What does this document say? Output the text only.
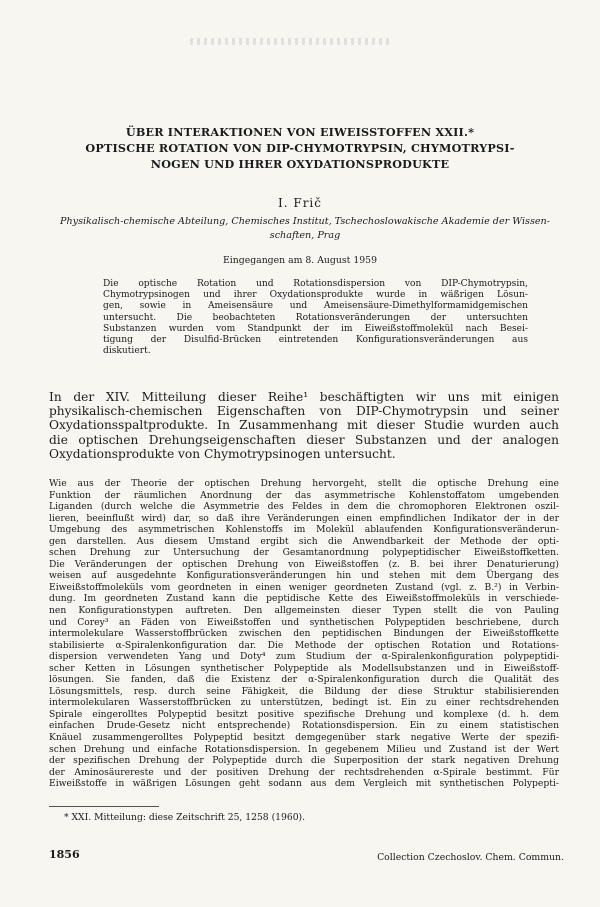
ÜBER INTERAKTIONEN VON EIWEISSTOFFEN XXII.*
OPTISCHE ROTATION VON DIP-CHYMOTRYPSIN, CHYMOTRYPSI-
NOGEN UND IHRER OXYDATIONSPRODUKTE
I. Frič
Physikalisch-chemische Abteilung, Chemisches Institut, Tschechoslowakische Akademie der Wissen-
schaften, Prag
Eingegangen am 8. August 1959
Die optische Rotation und Rotationsdispersion von DIP-Chymotrypsin,
Chymotrypsinogen und ihrer Oxydationsprodukte wurde in wäßrigen Lösun-
gen, sowie in Ameisensäure und Ameisensäure-Dimethylformamidgemischen
untersucht. Die beobachteten Rotationsveränderungen der untersuchten
Substanzen wurden vom Standpunkt der im Eiweißstoffmolekül nach Besei-
tigung der Disulfid-Brücken eintretenden Konfigurationsveränderungen aus
diskutiert.
In der XIV. Mitteilung dieser Reihe¹ beschäftigten wir uns mit einigen
physikalisch-chemischen Eigenschaften von DIP-Chymotrypsin und seiner
Oxydationsspaltprodukte. In Zusammenhang mit dieser Studie wurden auch
die optischen Drehungseigenschaften dieser Substanzen und der analogen
Oxydationsprodukte von Chymotrypsinogen untersucht.
Wie aus der Theorie der optischen Drehung hervorgeht, stellt die optische Drehung eine
Funktion der räumlichen Anordnung der das asymmetrische Kohlenstoffatom umgebenden
Liganden (durch welche die Asymmetrie des Feldes in dem die chromophoren Elektronen oszil-
lieren, beeinflußt wird) dar, so daß ihre Veränderungen einen empfindlichen Indikator der in der
Umgebung des asymmetrischen Kohlenstoffs im Molekül ablaufenden Konfigurationsveränderun-
gen darstellen. Aus diesem Umstand ergibt sich die Anwendbarkeit der Methode der opti-
schen Drehung zur Untersuchung der Gesamtanordnung polypeptidischer Eiweißstoffketten.
Die Veränderungen der optischen Drehung von Eiweißstoffen (z. B. bei ihrer Denaturierung)
weisen auf ausgedehnte Konfigurationsveränderungen hin und stehen mit dem Übergang des
Eiweißstoffmoleküls vom geordneten in einen weniger geordneten Zustand (vgl. z. B.²) in Verbin-
dung. Im geordneten Zustand kann die peptidische Kette des Eiweißstoffmoleküls in verschiede-
nen Konfigurationstypen auftreten. Den allgemeinsten dieser Typen stellt die von Pauling
und Corey³ an Fäden von Eiweißstoffen und synthetischen Polypeptiden beschriebene, durch
intermolekulare Wasserstoffbrücken zwischen den peptidischen Bindungen der Eiweißstoffkette
stabilisierte α-Spiralenkonfiguration dar. Die Methode der optischen Rotation und Rotations-
dispersion verwendeten Yang und Doty⁴ zum Studium der α-Spiralenkonfiguration polypeptidi-
scher Ketten in Lösungen synthetischer Polypeptide als Modellsubstanzen und in Eiweißstoff-
lösungen. Sie fanden, daß die Existenz der α-Spiralenkonfiguration durch die Qualität des
Lösungsmittels, resp. durch seine Fähigkeit, die Bildung der diese Struktur stabilisierenden
intermolekularen Wasserstoffbrücken zu unterstützen, bedingt ist. Ein zu einer rechtsdrehenden
Spirale eingerolltes Polypeptid besitzt positive spezifische Drehung und komplexe (d. h. dem
einfachen Drude-Gesetz nicht entsprechende) Rotationsdispersion. Ein zu einem statistischen
Knäuel zusammengerolltes Polypeptid besitzt demgegenüber stark negative Werte der spezifi-
schen Drehung und einfache Rotationsdispersion. In gegebenem Milieu und Zustand ist der Wert
der spezifischen Drehung der Polypeptide durch die Superposition der stark negativen Drehung
der Aminosäurereste und der positiven Drehung der rechtsdrehenden α-Spirale bestimmt. Für
Eiweißstoffe in wäßrigen Lösungen geht sodann aus dem Vergleich mit synthetischen Polypepti-
* XXI. Mitteilung: diese Zeitschrift 25, 1258 (1960).
1856	Collection Czechoslov. Chem. Commun.
